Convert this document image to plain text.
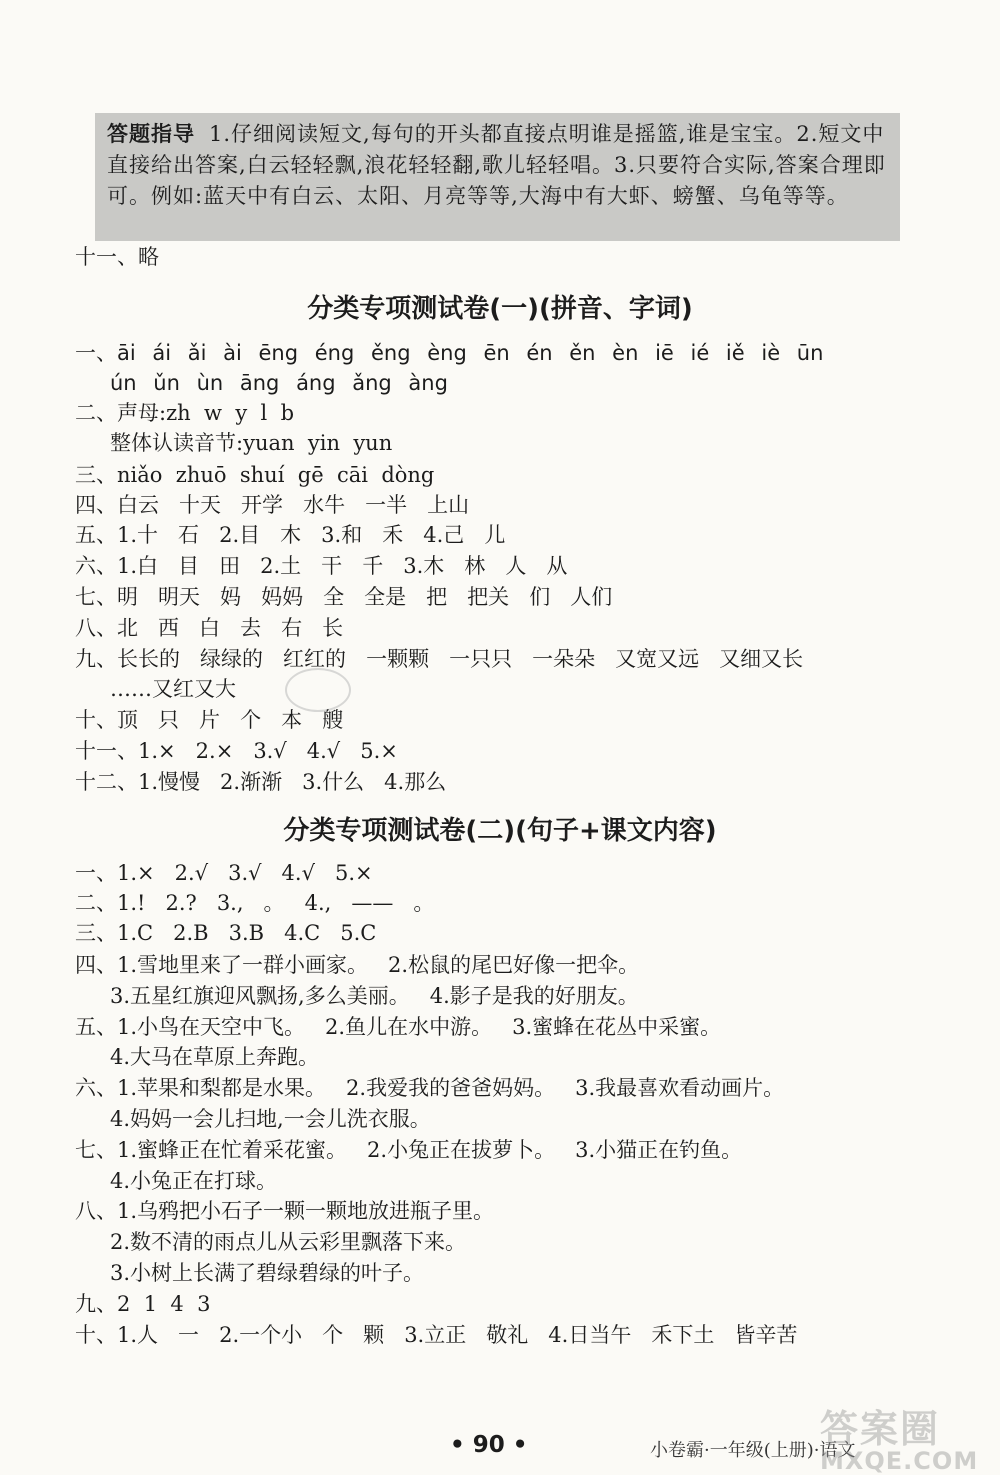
答题指导 1.仔细阅读短文,每句的开头都直接点明谁是摇篮,谁是宝宝。2.短文中直接给出答案,白云轻轻飘,浪花轻轻翻,歌儿轻轻唱。3.只要符合实际,答案合理即可。例如:蓝天中有白云、太阳、月亮等等,大海中有大虾、螃蟹、乌龟等等。
十一、略
分类专项测试卷(一)(拼音、字词)
一、āi ái ǎi ài ēng éng ěng èng ēn én ěn èn iē ié iě iè ūn
ún ǔn ùn āng áng ǎng àng
二、声母:zh  w  y  l  b
整体认读音节:yuan  yin  yun
三、niǎo  zhuō  shuí  gē  cāi  dòng
四、白云   十天   开学   水牛   一半   上山
五、1.十   石   2.目   木   3.和   禾   4.己   儿
六、1.白   目   田   2.土   干   千   3.木   林   人   从
七、明   明天   妈   妈妈   全   全是   把   把关   们   人们
八、北   西   白   去   右   长
九、长长的   绿绿的   红红的   一颗颗   一只只   一朵朵   又宽又远   又细又长
……又红又大
十、顶   只   片   个   本   艘
十一、1.×   2.×   3.√   4.√   5.×
十二、1.慢慢   2.渐渐   3.什么   4.那么
分类专项测试卷(二)(句子+课文内容)
一、1.×   2.√   3.√   4.√   5.×
二、1.!   2.?   3.,   。   4.,   ——   。
三、1.C   2.B   3.B   4.C   5.C
四、1.雪地里来了一群小画家。   2.松鼠的尾巴好像一把伞。
3.五星红旗迎风飘扬,多么美丽。   4.影子是我的好朋友。
五、1.小鸟在天空中飞。   2.鱼儿在水中游。   3.蜜蜂在花丛中采蜜。
4.大马在草原上奔跑。
六、1.苹果和梨都是水果。   2.我爱我的爸爸妈妈。   3.我最喜欢看动画片。
4.妈妈一会儿扫地,一会儿洗衣服。
七、1.蜜蜂正在忙着采花蜜。   2.小兔正在拔萝卜。   3.小猫正在钓鱼。
4.小兔正在打球。
八、1.乌鸦把小石子一颗一颗地放进瓶子里。
2.数不清的雨点儿从云彩里飘落下来。
3.小树上长满了碧绿碧绿的叶子。
九、2  1  4  3
十、1.人   一   2.一个小   个   颗   3.立正   敬礼   4.日当午   禾下土   皆辛苦
• 90 •	小卷霸·一年级(上册)·语文
答案圈
MXQE.COM
